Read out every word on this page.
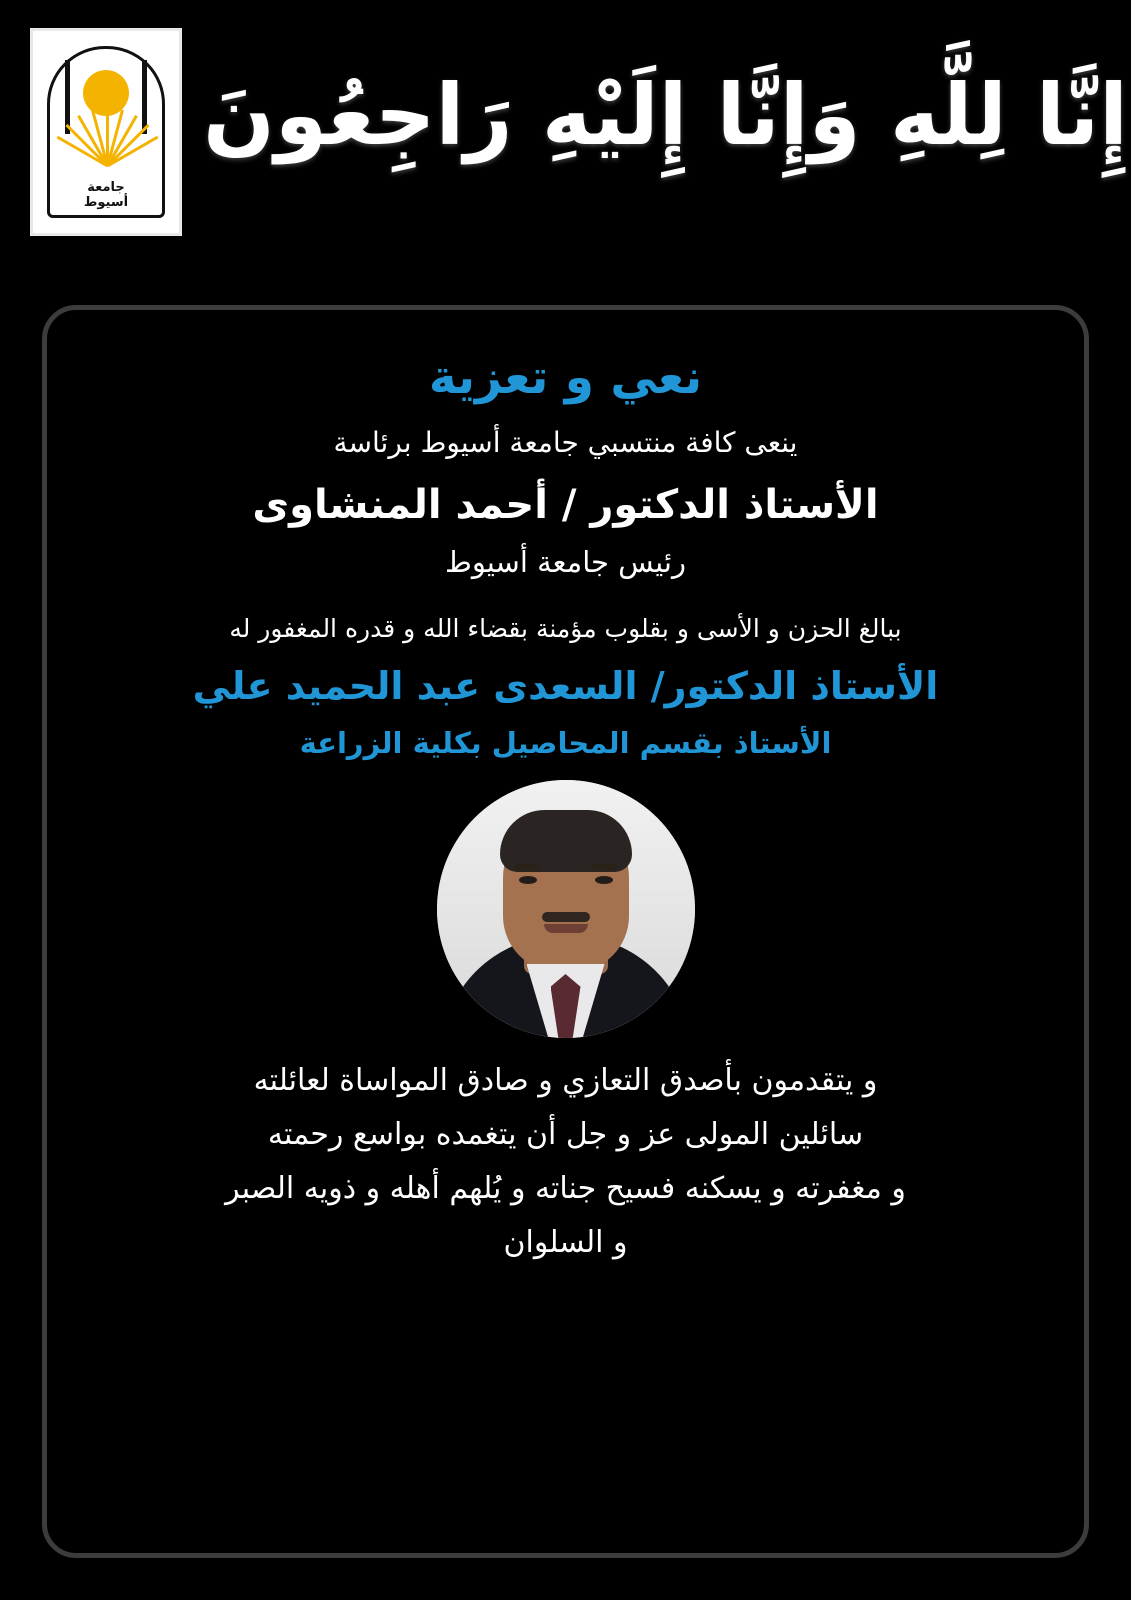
جامعة
أسيوط
إِنَّا لِلَّهِ وَإِنَّا إِلَيْهِ رَاجِعُونَ
نعي و تعزية
ينعى كافة منتسبي جامعة أسيوط برئاسة
الأستاذ الدكتور / أحمد المنشاوى
رئيس جامعة أسيوط
ببالغ الحزن و الأسى و بقلوب مؤمنة بقضاء الله و قدره المغفور له
الأستاذ الدكتور/ السعدى عبد الحميد علي
الأستاذ بقسم المحاصيل بكلية الزراعة

و يتقدمون بأصدق التعازي و صادق المواساة لعائلته

سائلين المولى عز و جل أن يتغمده بواسع رحمته

و مغفرته و يسكنه فسيح جناته و يُلهم أهله و ذويه الصبر

و السلوان
